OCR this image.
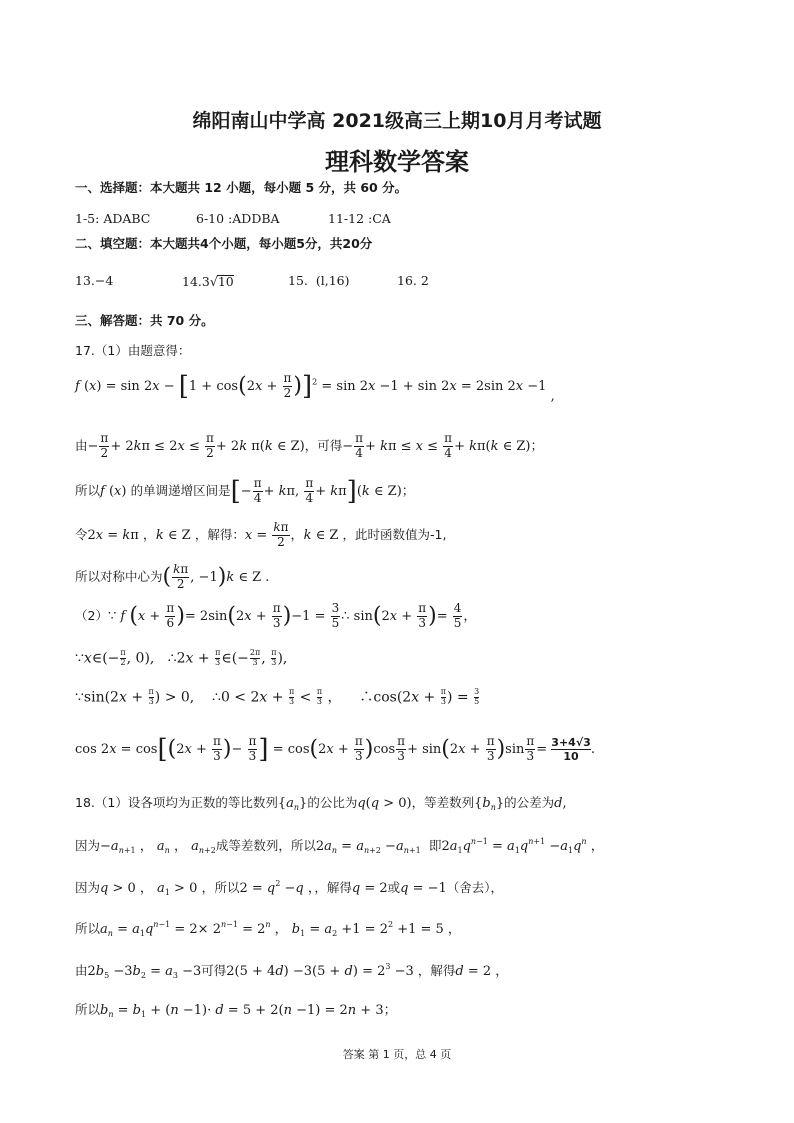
绵阳南山中学高 2021级高三上期10月月考试题
理科数学答案
一、选择题：本大题共 12 小题，每小题 5 分，共 60 分。
1-5: ADABC	6-10 :ADDBA	11-12 :CA
二、填空题：本大题共4个小题，每小题5分，共20分
13.−4	14.3√10	15. (l,16)	16. 2
三、解答题：共 70 分。
17.（1）由题意得：
f $(x) = \sin 2x - [1 + \cos(2x + \frac{\pi}{2} )]^2 = \sin 2x -1 + \sin 2x = 2\sin$ 2x −1 ,
由− $\frac{\pi}{2} + 2k\pi \le 2x \le \frac{\pi}{2} + 2k$ π(k ∈ Z)，可得− $\frac{\pi}{4} + k\pi \le x \le \frac{\pi}{4} + k\pi(k$ ∈ Z)；
所以f (x) 的单调递增区间是[− $\frac{\pi}{4} + k\pi$, $\frac{\pi}{4} + k\pi](k$ ∈ Z)；
令2x = kπ ，k ∈ Z ，解得：$x = \frac{k\pi}{2}$ ，k ∈ Z ，此时函数值为-1,
所以对称中心为( $\frac{k\pi}{2}$ , −1)k ∈ Z .
（2）∵ f ($x + \frac{\pi}{6}$ )= $2\sin(2x + \frac{\pi}{3} )-1 = \frac{3}{5}$ ∴ $\sin(2x + \frac{\pi}{3}$ )= $\frac{4}{5}$ ，
∵x∈(− $\frac{\pi}{2}$ , 0),   ∴2x + $\frac{\pi}{3}$ ∈(− $\frac{2\pi}{3}$ , $\frac{\pi}{3}$ ),
∵sin(2x + $\frac{\pi}{3}$ ) > 0,    ∴0 < $2x + \frac{\pi}{3} < \frac{\pi}{3}$ ，    ∴cos(2x + $\frac{\pi}{3}$ ) = $\frac{3}{5}$
$\cos 2x = \cos[(2x + \frac{\pi}{3}$ )− $\frac{\pi}{3}$ ] = $\cos(2x + \frac{\pi}{3} )\cos \frac{\pi}{3} + \sin(2x + \frac{\pi}{3} )\sin \frac{\pi}{3} = \frac{3+4√3}{10}$ .
18.（1）设各项均为正数的等比数列$\{a_n\}$的公比为q(q > 0)，等差数列$\{b_n\}$的公差为d,
因为$-a_{n+1}$ ， $a_n$ ， $a_{n+2}$成等差数列，所以$2a_n = a_{n+2} -a_{n+1}$ 即$2a_1q^{n-1} = a_1q^{n+1} -a_1q^n$ ，
因为q > 0 ， $a_1 > 0$ ，所以$2 = q^2 -q$ ，，解得q = 2或q = −1（舍去），
所以$a_n = a_1q^{n-1} = 2\times 2^{n-1} = 2^n$ ， $b_1 = a_2 +1 = 2^2 +1 = 5$ ，
由$2b_5 -3b_2 = a_3 -3$可得$2(5 + 4d) -3(5 + d) = 2^3 -3$ ，解得d = 2 ，
所以$b_n = b_1 + (n -1)\cdot d = 5 + 2(n -1) = 2n + 3$；
答案 第 1 页，总 4 页
